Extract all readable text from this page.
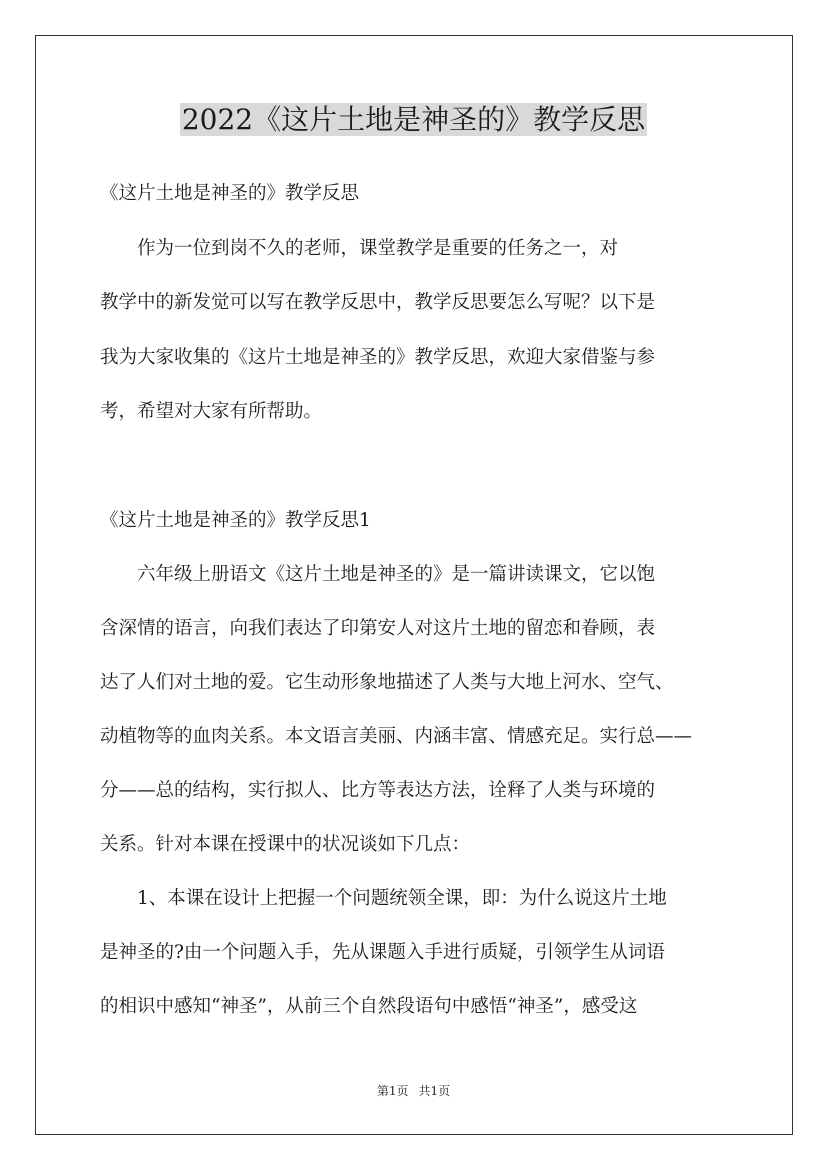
2022《这片土地是神圣的》教学反思
《这片土地是神圣的》教学反思
　　作为一位到岗不久的老师，课堂教学是重要的任务之一，对
教学中的新发觉可以写在教学反思中，教学反思要怎么写呢？以下是
我为大家收集的《这片土地是神圣的》教学反思，欢迎大家借鉴与参
考，希望对大家有所帮助。
《这片土地是神圣的》教学反思1
　　六年级上册语文《这片土地是神圣的》是一篇讲读课文，它以饱
含深情的语言，向我们表达了印第安人对这片土地的留恋和眷顾，表
达了人们对土地的爱。它生动形象地描述了人类与大地上河水、空气、
动植物等的血肉关系。本文语言美丽、内涵丰富、情感充足。实行总——
分——总的结构，实行拟人、比方等表达方法，诠释了人类与环境的
关系。针对本课在授课中的状况谈如下几点：
　　1、本课在设计上把握一个问题统领全课，即：为什么说这片土地
是神圣的?由一个问题入手，先从课题入手进行质疑，引领学生从词语
的相识中感知“神圣”，从前三个自然段语句中感悟“神圣”，感受这
第1页 共1页
